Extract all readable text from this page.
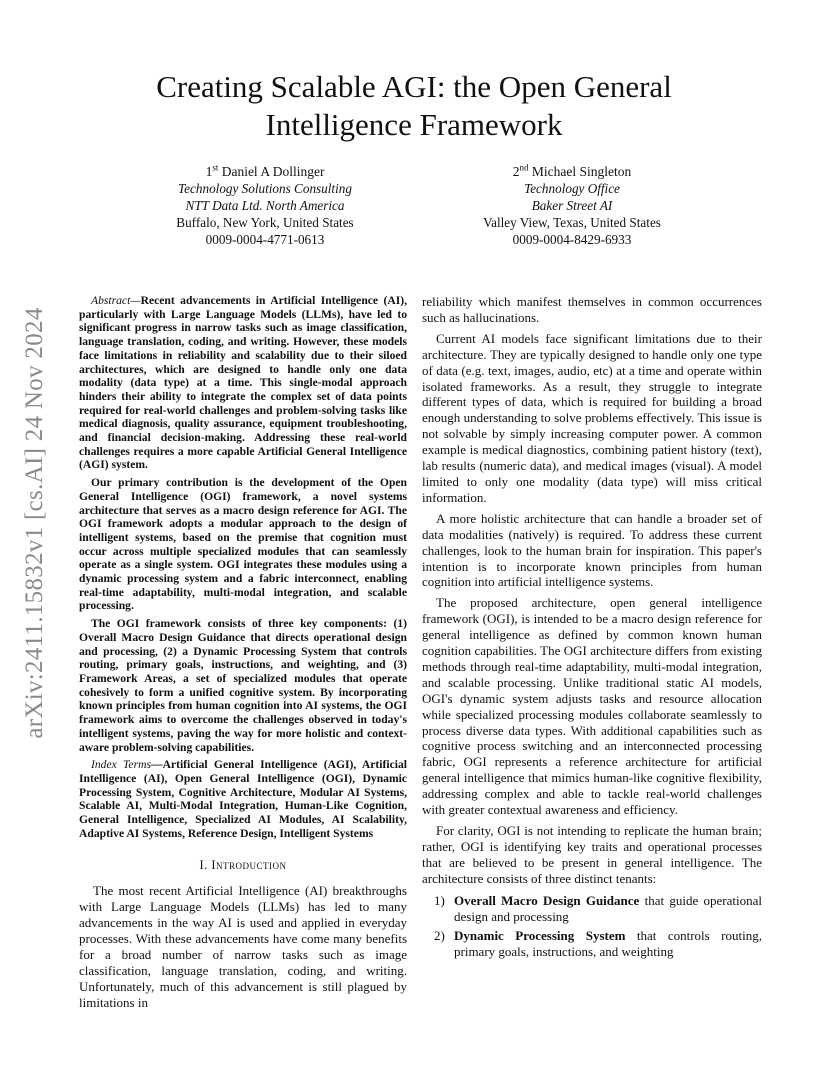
arXiv:2411.15832v1 [cs.AI] 24 Nov 2024
Creating Scalable AGI: the Open General Intelligence Framework
1st Daniel A Dollinger
Technology Solutions Consulting
NTT Data Ltd. North America
Buffalo, New York, United States
0009-0004-4771-0613
2nd Michael Singleton
Technology Office
Baker Street AI
Valley View, Texas, United States
0009-0004-8429-6933

Abstract—Recent advancements in Artificial Intelligence (AI), particularly with Large Language Models (LLMs), have led to significant progress in narrow tasks such as image classification, language translation, coding, and writing. However, these models face limitations in reliability and scalability due to their siloed architectures, which are designed to handle only one data modality (data type) at a time. This single-modal approach hinders their ability to integrate the complex set of data points required for real-world challenges and problem-solving tasks like medical diagnosis, quality assurance, equipment troubleshooting, and financial decision-making. Addressing these real-world challenges requires a more capable Artificial General Intelligence (AGI) system.

Our primary contribution is the development of the Open General Intelligence (OGI) framework, a novel systems architecture that serves as a macro design reference for AGI. The OGI framework adopts a modular approach to the design of intelligent systems, based on the premise that cognition must occur across multiple specialized modules that can seamlessly operate as a single system. OGI integrates these modules using a dynamic processing system and a fabric interconnect, enabling real-time adaptability, multi-modal integration, and scalable processing.

The OGI framework consists of three key components: (1) Overall Macro Design Guidance that directs operational design and processing, (2) a Dynamic Processing System that controls routing, primary goals, instructions, and weighting, and (3) Framework Areas, a set of specialized modules that operate cohesively to form a unified cognitive system. By incorporating known principles from human cognition into AI systems, the OGI framework aims to overcome the challenges observed in today's intelligent systems, paving the way for more holistic and context-aware problem-solving capabilities.

Index Terms—Artificial General Intelligence (AGI), Artificial Intelligence (AI), Open General Intelligence (OGI), Dynamic Processing System, Cognitive Architecture, Modular AI Systems, Scalable AI, Multi-Modal Integration, Human-Like Cognition, General Intelligence, Specialized AI Modules, AI Scalability, Adaptive AI Systems, Reference Design, Intelligent Systems

I. Introduction

The most recent Artificial Intelligence (AI) breakthroughs with Large Language Models (LLMs) has led to many advancements in the way AI is used and applied in everyday processes. With these advancements have come many benefits for a broad number of narrow tasks such as image classification, language translation, coding, and writing. Unfortunately, much of this advancement is still plagued by limitations in

reliability which manifest themselves in common occurrences such as hallucinations.

Current AI models face significant limitations due to their architecture. They are typically designed to handle only one type of data (e.g. text, images, audio, etc) at a time and operate within isolated frameworks. As a result, they struggle to integrate different types of data, which is required for building a broad enough understanding to solve problems effectively. This issue is not solvable by simply increasing computer power. A common example is medical diagnostics, combining patient history (text), lab results (numeric data), and medical images (visual). A model limited to only one modality (data type) will miss critical information.

A more holistic architecture that can handle a broader set of data modalities (natively) is required. To address these current challenges, look to the human brain for inspiration. This paper's intention is to incorporate known principles from human cognition into artificial intelligence systems.

The proposed architecture, open general intelligence framework (OGI), is intended to be a macro design reference for general intelligence as defined by common known human cognition capabilities. The OGI architecture differs from existing methods through real-time adaptability, multi-modal integration, and scalable processing. Unlike traditional static AI models, OGI's dynamic system adjusts tasks and resource allocation while specialized processing modules collaborate seamlessly to process diverse data types. With additional capabilities such as cognitive process switching and an interconnected processing fabric, OGI represents a reference architecture for artificial general intelligence that mimics human-like cognitive flexibility, addressing complex and able to tackle real-world challenges with greater contextual awareness and efficiency.

For clarity, OGI is not intending to replicate the human brain; rather, OGI is identifying key traits and operational processes that are believed to be present in general intelligence. The architecture consists of three distinct tenants:

1) Overall Macro Design Guidance that guide operational design and processing
2) Dynamic Processing System that controls routing, primary goals, instructions, and weighting
